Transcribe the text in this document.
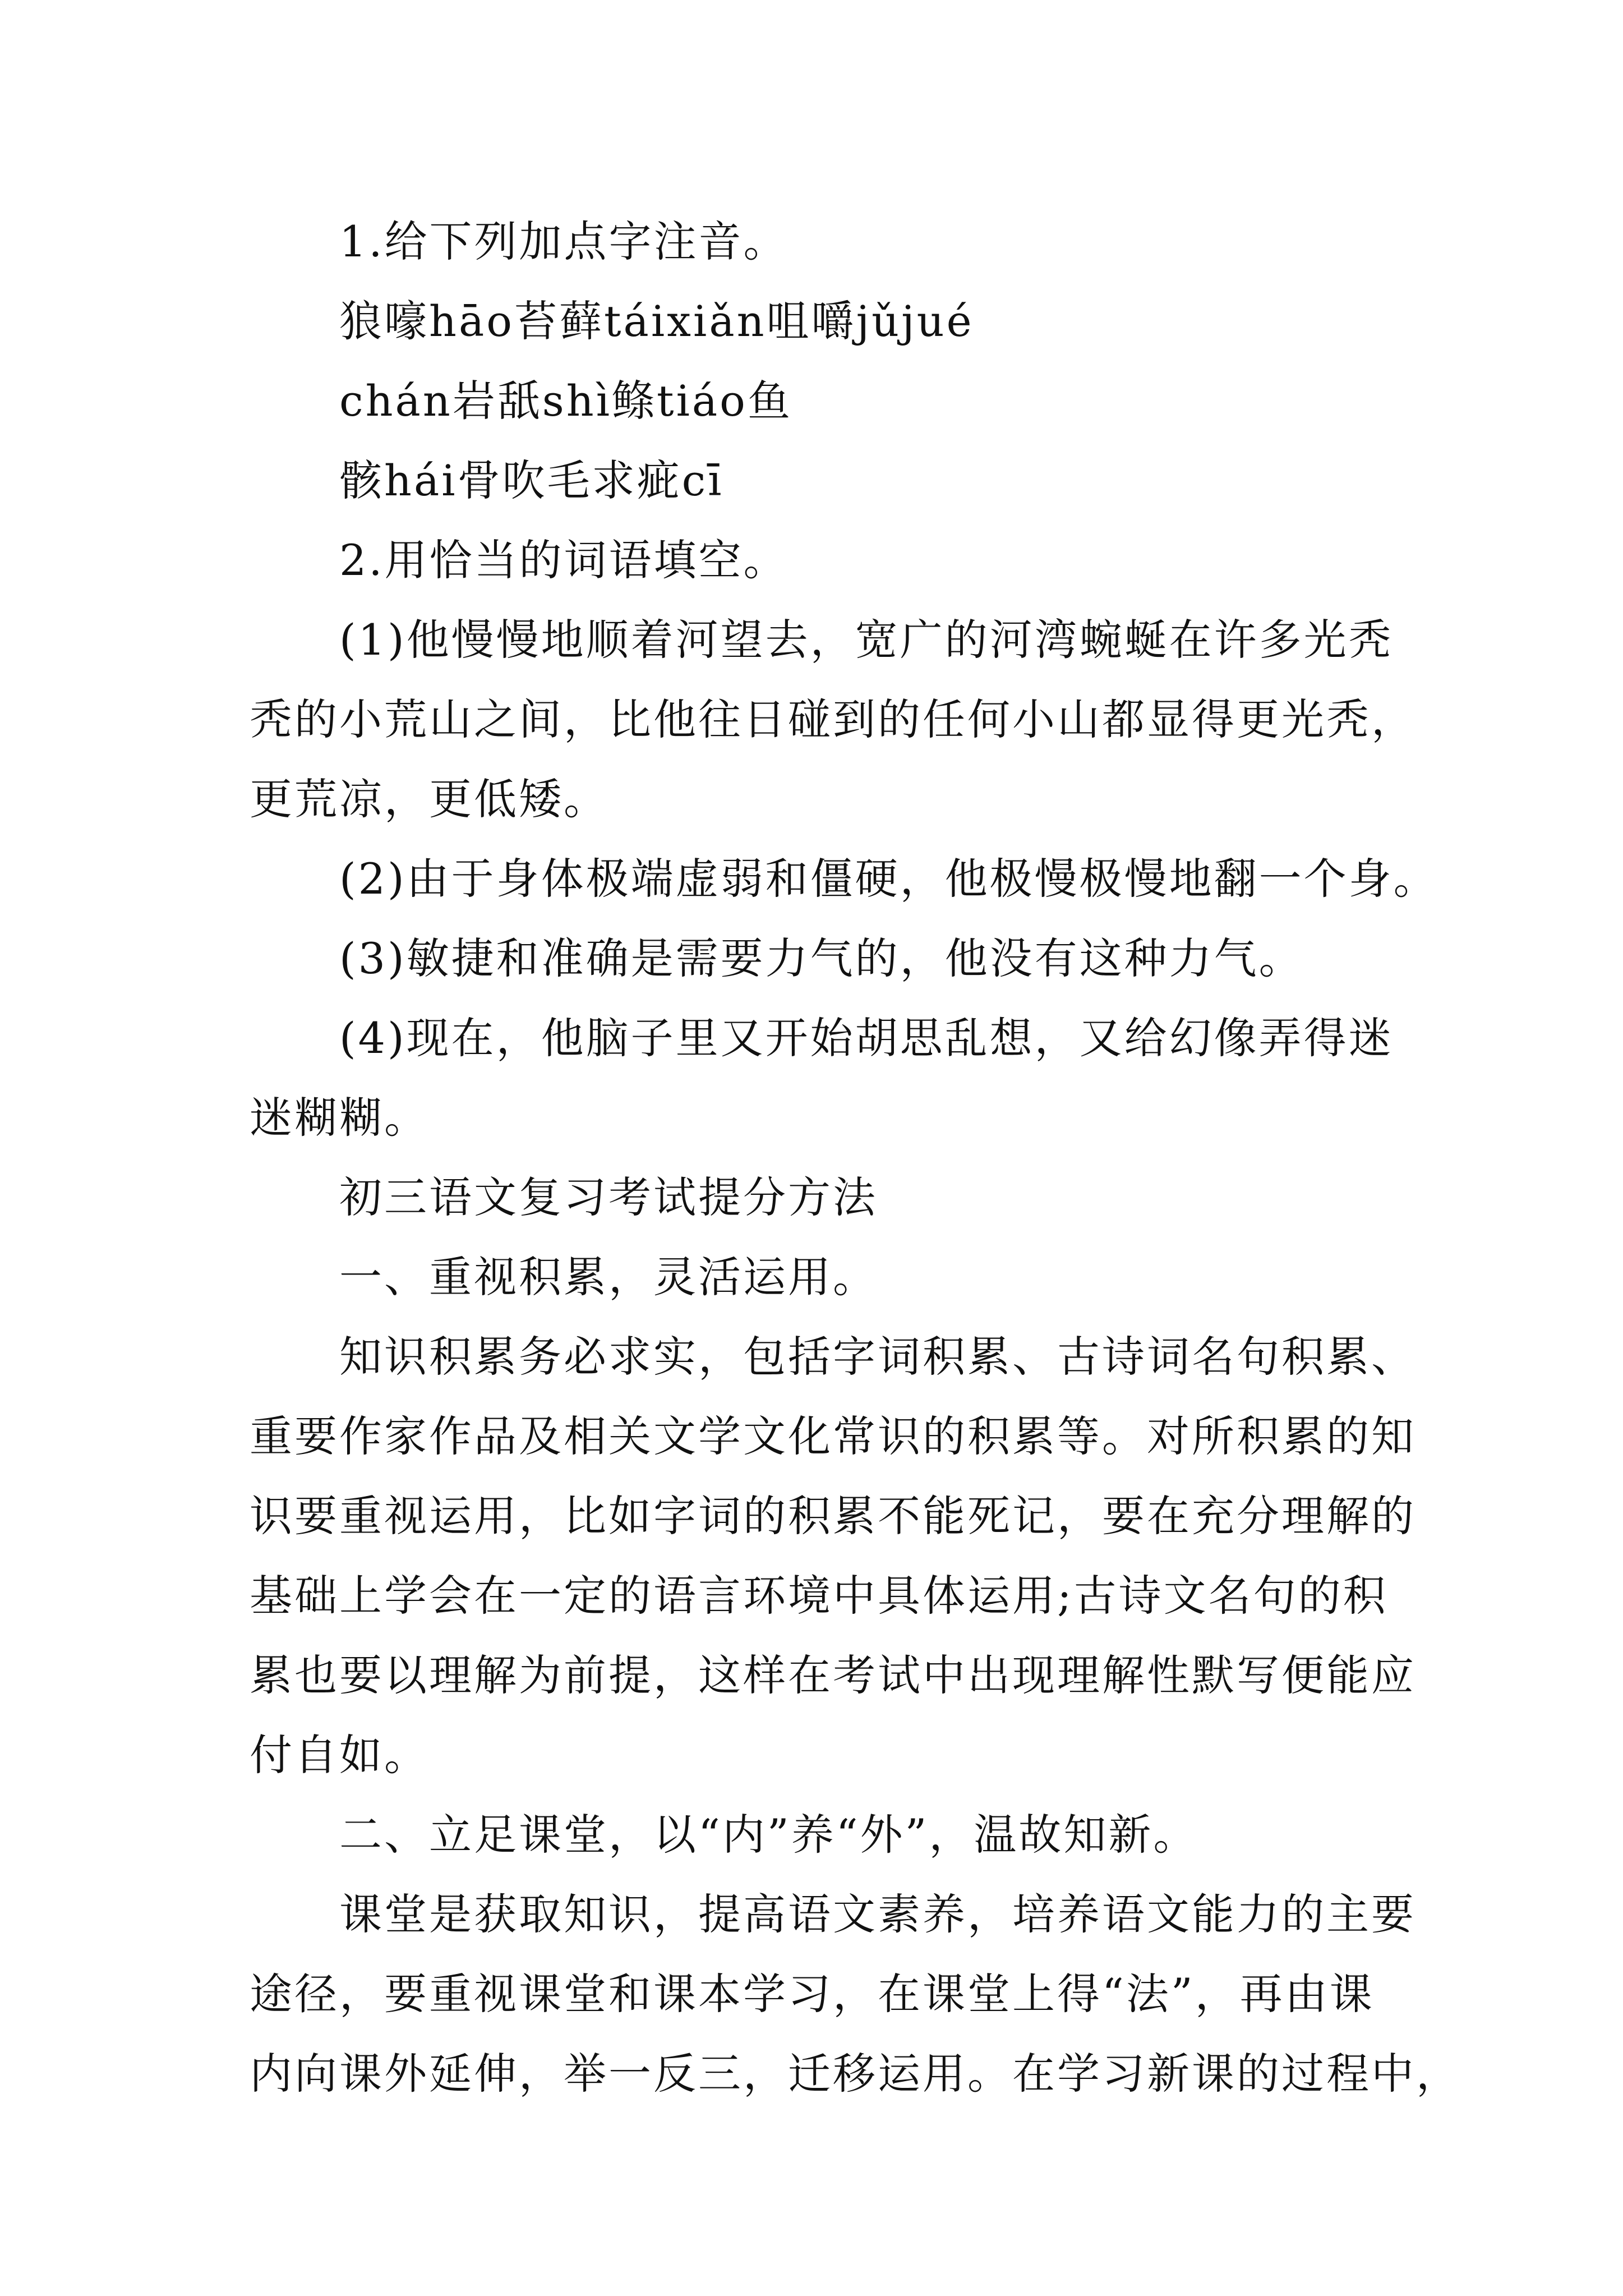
1.给下列加点字注音。
狼嚎hāo苔藓táixiǎn咀嚼jǔjué
chán岩舐shì鲦tiáo鱼
骸hái骨吹毛求疵cī
2.用恰当的词语填空。
(1)他慢慢地顺着河望去，宽广的河湾蜿蜒在许多光秃
秃的小荒山之间，比他往日碰到的任何小山都显得更光秃，
更荒凉，更低矮。
(2)由于身体极端虚弱和僵硬，他极慢极慢地翻一个身。
(3)敏捷和准确是需要力气的，他没有这种力气。
(4)现在，他脑子里又开始胡思乱想，又给幻像弄得迷
迷糊糊。
初三语文复习考试提分方法
一、重视积累，灵活运用。
知识积累务必求实，包括字词积累、古诗词名句积累、
重要作家作品及相关文学文化常识的积累等。对所积累的知
识要重视运用，比如字词的积累不能死记，要在充分理解的
基础上学会在一定的语言环境中具体运用;古诗文名句的积
累也要以理解为前提，这样在考试中出现理解性默写便能应
付自如。
二、立足课堂，以“内”养“外”，温故知新。
课堂是获取知识，提高语文素养，培养语文能力的主要
途径，要重视课堂和课本学习，在课堂上得“法”，再由课
内向课外延伸，举一反三，迁移运用。在学习新课的过程中，
